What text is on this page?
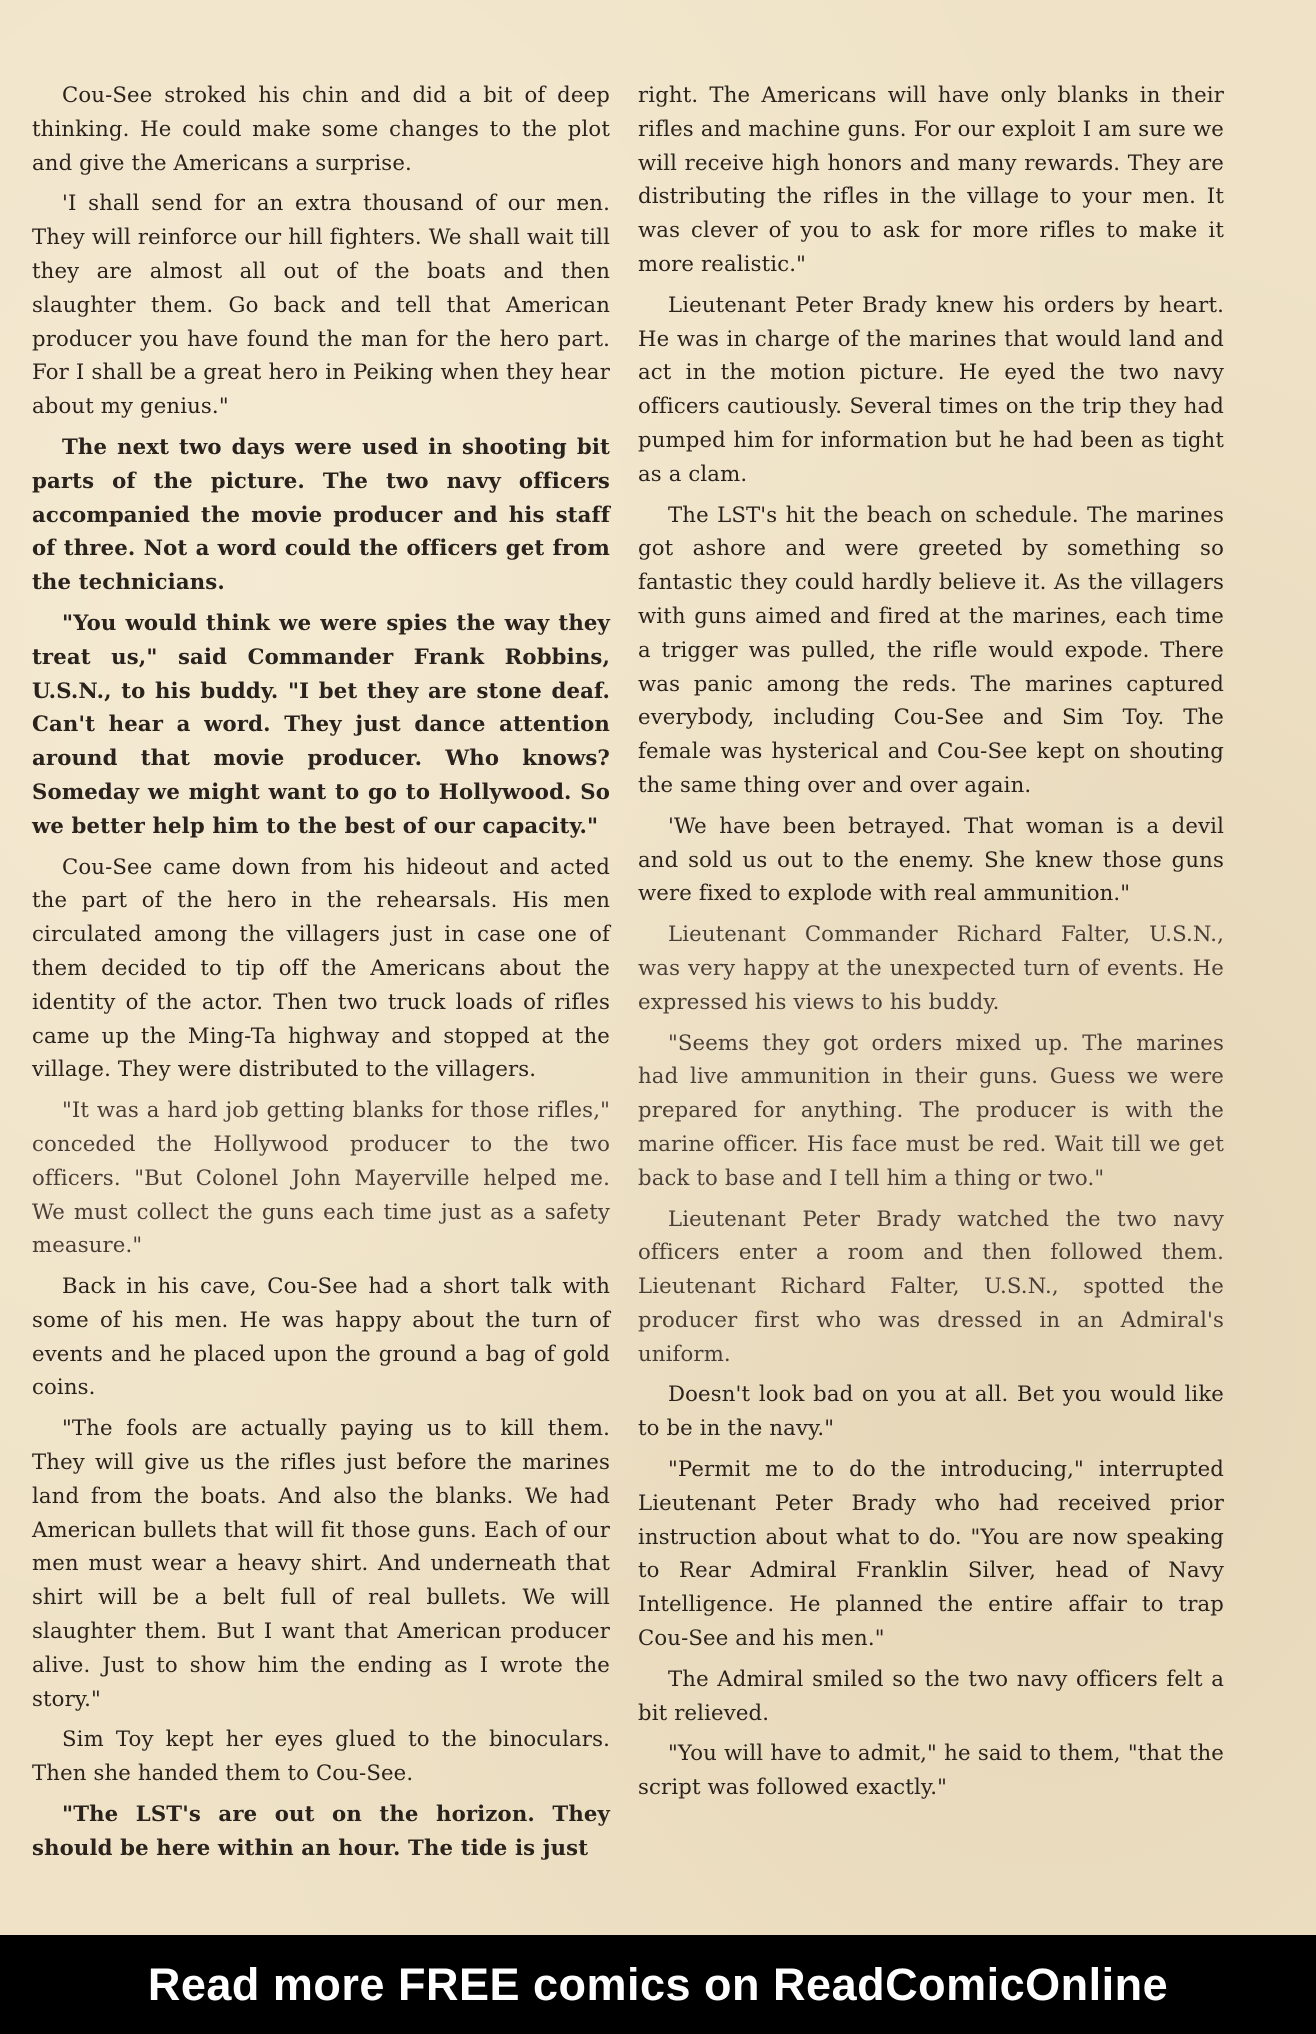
Cou-See stroked his chin and did a bit of deep thinking. He could make some changes to the plot and give the Americans a surprise.

'I shall send for an extra thousand of our men. They will reinforce our hill fighters. We shall wait till they are almost all out of the boats and then slaughter them. Go back and tell that American producer you have found the man for the hero part. For I shall be a great hero in Peiking when they hear about my genius."

The next two days were used in shooting bit parts of the picture. The two navy officers accompanied the movie producer and his staff of three. Not a word could the officers get from the technicians.

"You would think we were spies the way they treat us," said Commander Frank Robbins, U.S.N., to his buddy. "I bet they are stone deaf. Can't hear a word. They just dance attention around that movie producer. Who knows? Someday we might want to go to Hollywood. So we better help him to the best of our capacity."

Cou-See came down from his hideout and acted the part of the hero in the rehearsals. His men circulated among the villagers just in case one of them decided to tip off the Americans about the identity of the actor. Then two truck loads of rifles came up the Ming-Ta highway and stopped at the village. They were distributed to the villagers.

"It was a hard job getting blanks for those rifles," conceded the Hollywood producer to the two officers. "But Colonel John Mayerville helped me. We must collect the guns each time just as a safety measure."

Back in his cave, Cou-See had a short talk with some of his men. He was happy about the turn of events and he placed upon the ground a bag of gold coins.

"The fools are actually paying us to kill them. They will give us the rifles just before the marines land from the boats. And also the blanks. We had American bullets that will fit those guns. Each of our men must wear a heavy shirt. And underneath that shirt will be a belt full of real bullets. We will slaughter them. But I want that American producer alive. Just to show him the ending as I wrote the story."

Sim Toy kept her eyes glued to the binoculars. Then she handed them to Cou-See.

"The LST's are out on the horizon. They should be here within an hour. The tide is just

right. The Americans will have only blanks in their rifles and machine guns. For our exploit I am sure we will receive high honors and many rewards. They are distributing the rifles in the village to your men. It was clever of you to ask for more rifles to make it more realistic."

Lieutenant Peter Brady knew his orders by heart. He was in charge of the marines that would land and act in the motion picture. He eyed the two navy officers cautiously. Several times on the trip they had pumped him for information but he had been as tight as a clam.

The LST's hit the beach on schedule. The marines got ashore and were greeted by something so fantastic they could hardly believe it. As the villagers with guns aimed and fired at the marines, each time a trigger was pulled, the rifle would expode. There was panic among the reds. The marines captured everybody, including Cou-See and Sim Toy. The female was hysterical and Cou-See kept on shouting the same thing over and over again.

'We have been betrayed. That woman is a devil and sold us out to the enemy. She knew those guns were fixed to explode with real ammunition."

Lieutenant Commander Richard Falter, U.S.N., was very happy at the unexpected turn of events. He expressed his views to his buddy.

"Seems they got orders mixed up. The marines had live ammunition in their guns. Guess we were prepared for anything. The producer is with the marine officer. His face must be red. Wait till we get back to base and I tell him a thing or two."

Lieutenant Peter Brady watched the two navy officers enter a room and then followed them. Lieutenant Richard Falter, U.S.N., spotted the producer first who was dressed in an Admiral's uniform.

Doesn't look bad on you at all. Bet you would like to be in the navy."

"Permit me to do the introducing," interrupted Lieutenant Peter Brady who had received prior instruction about what to do. "You are now speaking to Rear Admiral Franklin Silver, head of Navy Intelligence. He planned the entire affair to trap Cou-See and his men."

The Admiral smiled so the two navy officers felt a bit relieved.

"You will have to admit," he said to them, "that the script was followed exactly."

Read more FREE comics on ReadComicOnline
